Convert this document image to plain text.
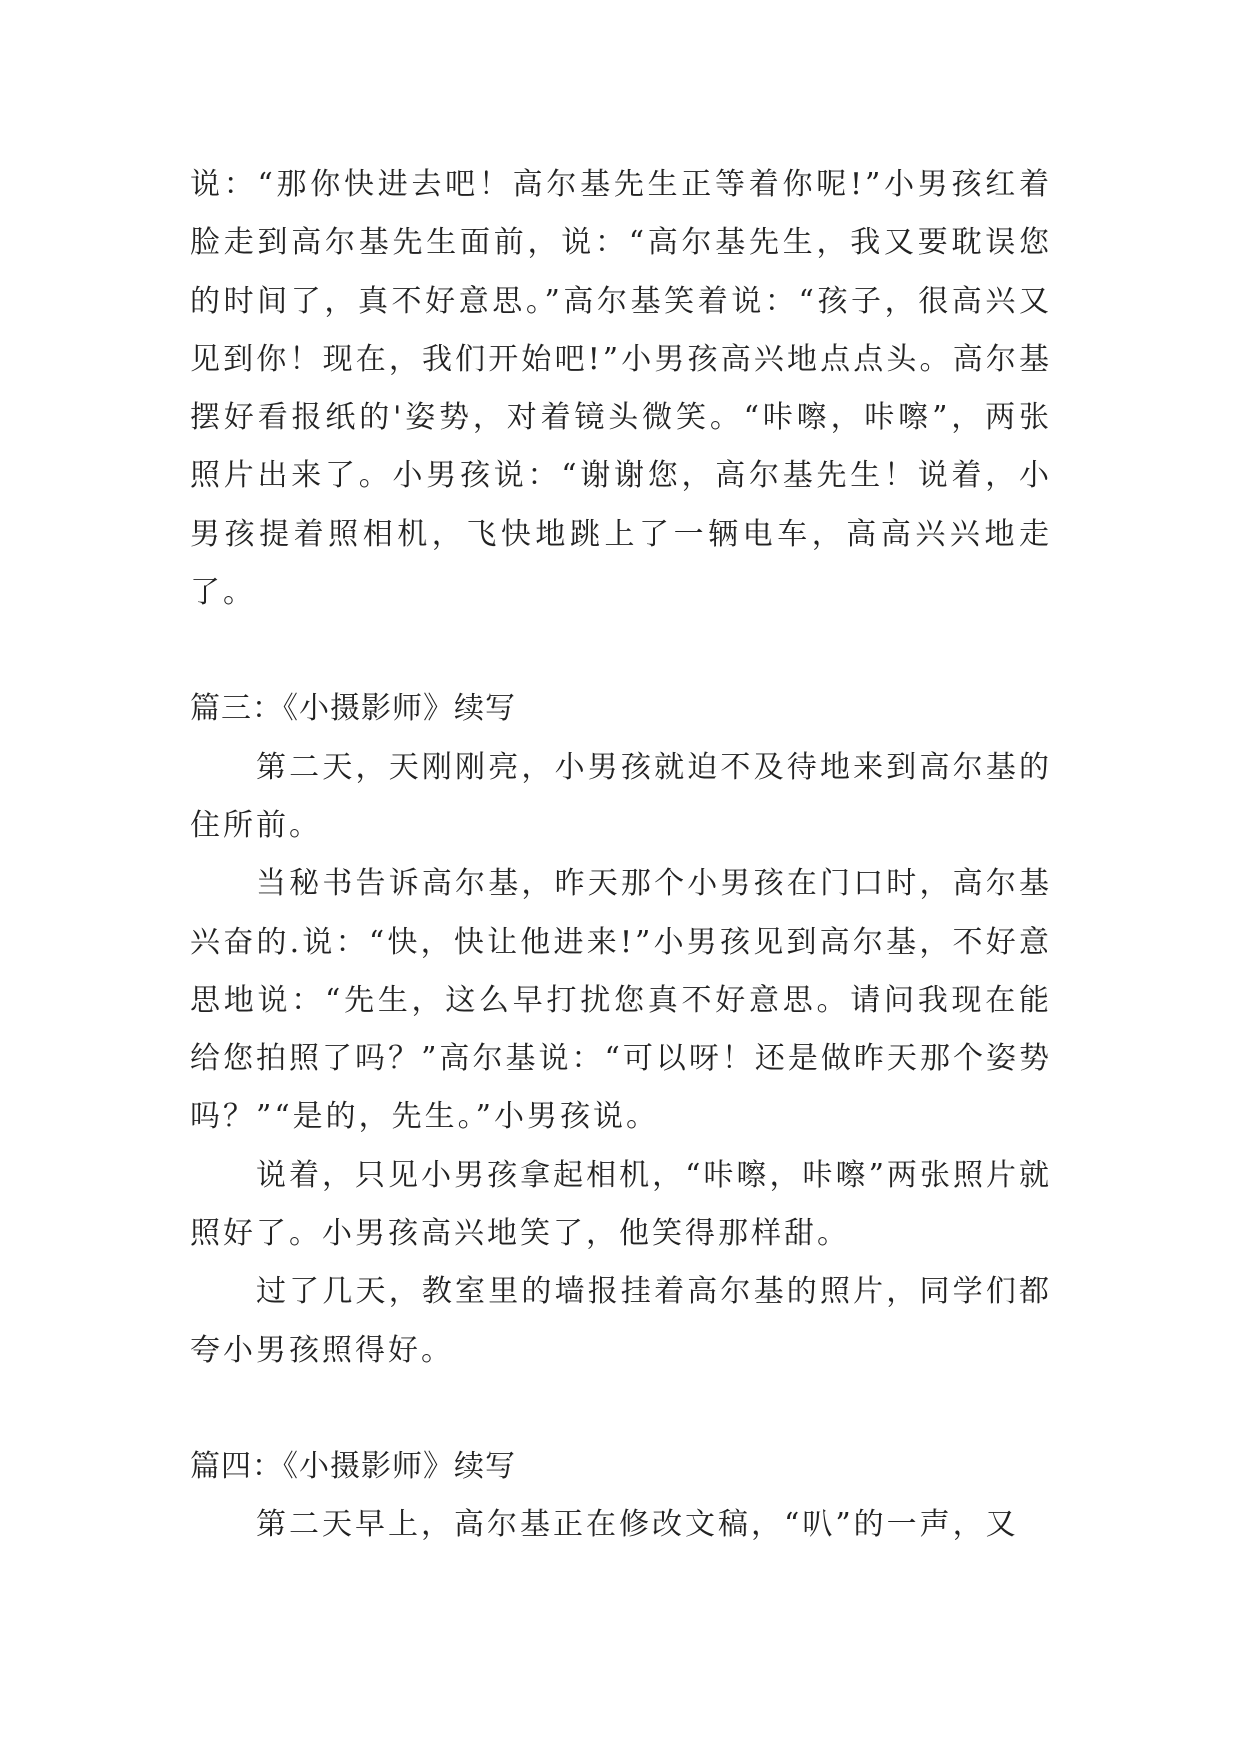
说：“那你快进去吧！高尔基先生正等着你呢!”小男孩红着脸走到高尔基先生面前，说：“高尔基先生，我又要耽误您的时间了，真不好意思。”高尔基笑着说：“孩子，很高兴又见到你！现在，我们开始吧!”小男孩高兴地点点头。高尔基摆好看报纸的'姿势，对着镜头微笑。“咔嚓，咔嚓”，两张照片出来了。小男孩说：“谢谢您，高尔基先生！说着，小男孩提着照相机，飞快地跳上了一辆电车，高高兴兴地走了。

篇三：《小摄影师》续写

第二天，天刚刚亮，小男孩就迫不及待地来到高尔基的住所前。

当秘书告诉高尔基，昨天那个小男孩在门口时，高尔基兴奋的.说：“快，快让他进来!”小男孩见到高尔基，不好意思地说：“先生，这么早打扰您真不好意思。请问我现在能给您拍照了吗？”高尔基说：“可以呀！还是做昨天那个姿势吗？”“是的，先生。”小男孩说。

说着，只见小男孩拿起相机，“咔嚓，咔嚓”两张照片就照好了。小男孩高兴地笑了，他笑得那样甜。

过了几天，教室里的墙报挂着高尔基的照片，同学们都夸小男孩照得好。

篇四：《小摄影师》续写

第二天早上，高尔基正在修改文稿，“叭”的一声，又
